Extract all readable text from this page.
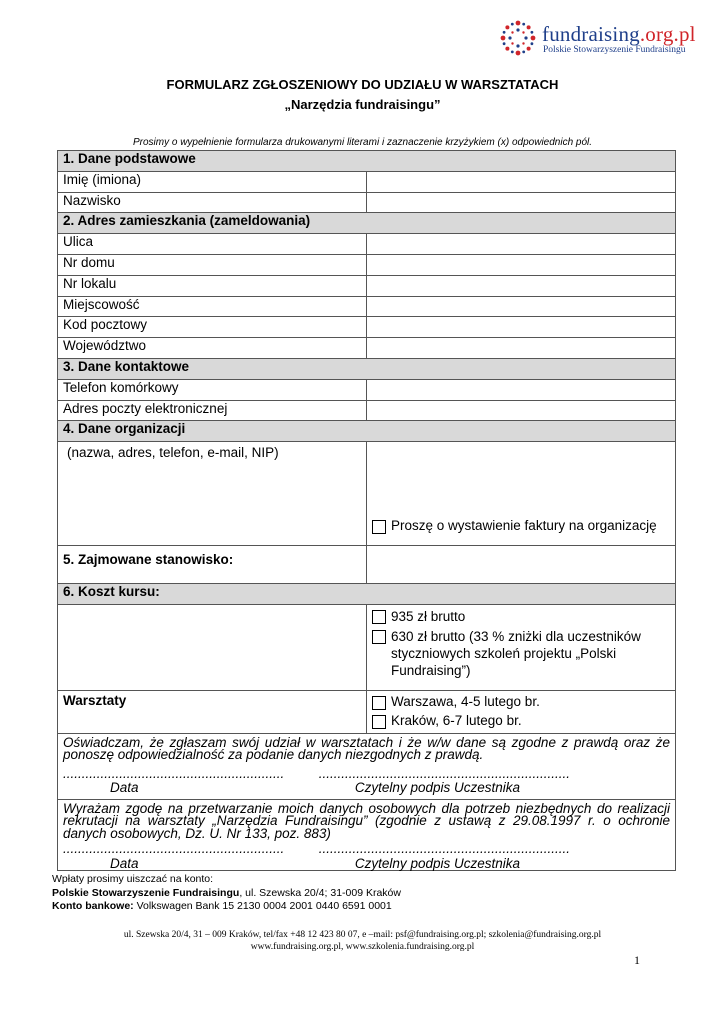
fundraising.org.pl
Polskie Stowarzyszenie Fundraisingu
FORMULARZ ZGŁOSZENIOWY DO UDZIAŁU W WARSZTATACH
„Narzędzia fundraisingu”
Prosimy o wypełnienie formularza drukowanymi literami i zaznaczenie krzyżykiem (x) odpowiednich pól.
1. Dane podstawowe	
Imię (imiona)	
Nazwisko	
2. Adres zamieszkania (zameldowania)	
Ulica	
Nr domu	
Nr lokalu	
Miejscowość	
Kod pocztowy	
Województwo	
3. Dane kontaktowe	
Telefon komórkowy	
Adres poczty elektronicznej	
4. Dane organizacji	
(nazwa, adres, telefon, e-mail, NIP)	Proszę o wystawienie faktury na organizację

5. Zajmowane stanowisko:	
6. Koszt kursu:	

	935 zł brutto
630 zł brutto (33 % zniżki dla uczestników styczniowych szkoleń projektu „Polski Fundraising”)

Warsztaty	Warszawa, 4-5 lutego br.
Kraków, 6-7 lutego br.

Oświadczam, że zgłaszam swój udział w warsztatach i że w/w dane są zgodne z prawdą oraz że ponoszę odpowiedzialność za podanie danych niezgodnych z prawdą.
........................................................... ...................................................................
Data Czytelny podpis Uczestnika	

Wyrażam zgodę na przetwarzanie moich danych osobowych dla potrzeb niezbędnych do realizacji rekrutacji na warsztaty „Narzędzia Fundraisingu” (zgodnie z ustawą z 29.08.1997 r. o ochronie danych osobowych, Dz. U. Nr 133, poz. 883)
........................................................... ...................................................................
Data Czytelny podpis Uczestnika	
Wpłaty prosimy uiszczać na konto:
Polskie Stowarzyszenie Fundraisingu, ul. Szewska 20/4; 31-009 Kraków
Konto bankowe: Volkswagen Bank 15 2130 0004 2001 0440 6591 0001
ul. Szewska 20/4, 31 – 009 Kraków, tel/fax +48 12 423 80 07, e –mail: psf@fundraising.org.pl; szkolenia@fundraising.org.pl
www.fundraising.org.pl, www.szkolenia.fundraising.org.pl
1
